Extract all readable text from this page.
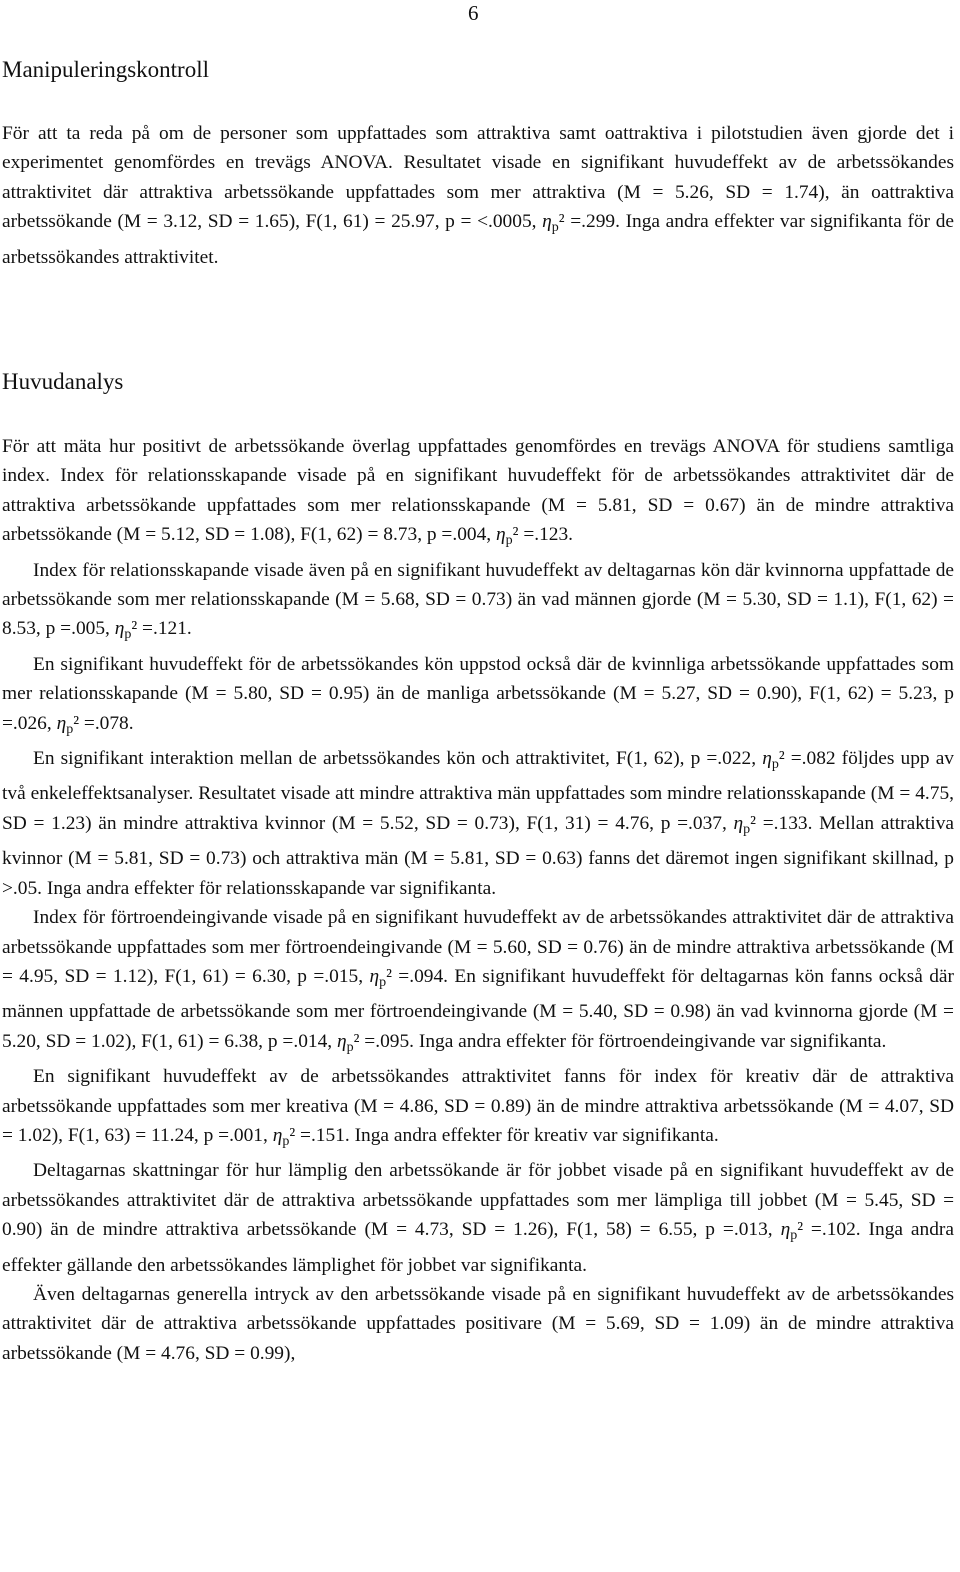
6
Manipuleringskontroll

För att ta reda på om de personer som uppfattades som attraktiva samt oattraktiva i pilotstudien även gjorde det i experimentet genomfördes en trevägs ANOVA. Resultatet visade en signifikant huvudeffekt av de arbetssökandes attraktivitet där attraktiva arbetssökande uppfattades som mer attraktiva (M = 5.26, SD = 1.74), än oattraktiva arbetssökande (M = 3.12, SD = 1.65), F(1, 61) = 25.97, p = <.0005, $\eta_p^2 =.299$. Inga andra effekter var signifikanta för de arbetssökandes attraktivitet.

Huvudanalys

För att mäta hur positivt de arbetssökande överlag uppfattades genomfördes en trevägs ANOVA för studiens samtliga index. Index för relationsskapande visade på en signifikant huvudeffekt för de arbetssökandes attraktivitet där de attraktiva arbetssökande uppfattades som mer relationsskapande (M = 5.81, SD = 0.67) än de mindre attraktiva arbetssökande (M = 5.12, SD = 1.08), F(1, 62) = 8.73, p =.004, $\eta_p^2 =.123$.

Index för relationsskapande visade även på en signifikant huvudeffekt av deltagarnas kön där kvinnorna uppfattade de arbetssökande som mer relationsskapande (M = 5.68, SD = 0.73) än vad männen gjorde (M = 5.30, SD = 1.1), F(1, 62) = 8.53, p =.005, $\eta_p^2 =.121$.

En signifikant huvudeffekt för de arbetssökandes kön uppstod också där de kvinnliga arbetssökande uppfattades som mer relationsskapande (M = 5.80, SD = 0.95) än de manliga arbetssökande (M = 5.27, SD = 0.90), F(1, 62) = 5.23, p =.026, $\eta_p^2 =.078$.

En signifikant interaktion mellan de arbetssökandes kön och attraktivitet, F(1, 62), p =.022, $\eta_p^2 =.082$ följdes upp av två enkeleffektsanalyser. Resultatet visade att mindre attraktiva män uppfattades som mindre relationsskapande (M = 4.75, SD = 1.23) än mindre attraktiva kvinnor (M = 5.52, SD = 0.73), F(1, 31) = 4.76, p =.037, $\eta_p^2 =.133$. Mellan attraktiva kvinnor (M = 5.81, SD = 0.73) och attraktiva män (M = 5.81, SD = 0.63) fanns det däremot ingen signifikant skillnad, p >.05. Inga andra effekter för relationsskapande var signifikanta.

Index för förtroendeingivande visade på en signifikant huvudeffekt av de arbetssökandes attraktivitet där de attraktiva arbetssökande uppfattades som mer förtroendeingivande (M = 5.60, SD = 0.76) än de mindre attraktiva arbetssökande (M = 4.95, SD = 1.12), F(1, 61) = 6.30, p =.015, $\eta_p^2 =.094$. En signifikant huvudeffekt för deltagarnas kön fanns också där männen uppfattade de arbetssökande som mer förtroendeingivande (M = 5.40, SD = 0.98) än vad kvinnorna gjorde (M = 5.20, SD = 1.02), F(1, 61) = 6.38, p =.014, $\eta_p^2 =.095$. Inga andra effekter för förtroendeingivande var signifikanta.

En signifikant huvudeffekt av de arbetssökandes attraktivitet fanns för index för kreativ där de attraktiva arbetssökande uppfattades som mer kreativa (M = 4.86, SD = 0.89) än de mindre attraktiva arbetssökande (M = 4.07, SD = 1.02), F(1, 63) = 11.24, p =.001, $\eta_p^2 =.151$. Inga andra effekter för kreativ var signifikanta.

Deltagarnas skattningar för hur lämplig den arbetssökande är för jobbet visade på en signifikant huvudeffekt av de arbetssökandes attraktivitet där de attraktiva arbetssökande uppfattades som mer lämpliga till jobbet (M = 5.45, SD = 0.90) än de mindre attraktiva arbetssökande (M = 4.73, SD = 1.26), F(1, 58) = 6.55, p =.013, $\eta_p^2 =.102$. Inga andra effekter gällande den arbetssökandes lämplighet för jobbet var signifikanta.

Även deltagarnas generella intryck av den arbetssökande visade på en signifikant huvudeffekt av de arbetssökandes attraktivitet där de attraktiva arbetssökande uppfattades positivare (M = 5.69, SD = 1.09) än de mindre attraktiva arbetssökande (M = 4.76, SD = 0.99),
